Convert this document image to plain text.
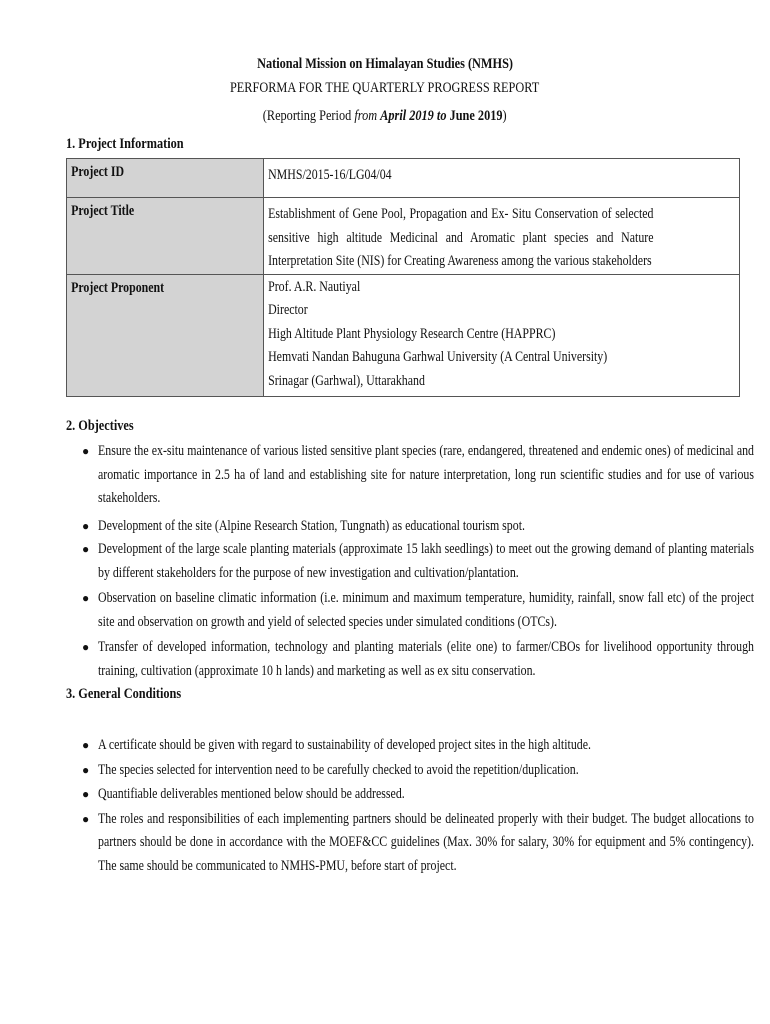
National Mission on Himalayan Studies (NMHS)
PERFORMA FOR THE QUARTERLY PROGRESS REPORT
(Reporting Period from April 2019 to June 2019)
1. Project Information
Project ID	NMHS/2015-16/LG04/04

Project Title	Establishment of Gene Pool, Propagation and Ex- Situ Conservation of selected sensitive high altitude Medicinal and Aromatic plant species and Nature Interpretation Site (NIS) for Creating Awareness among the various stakeholders

Project Proponent	Prof. A.R. Nautiyal
Director
High Altitude Plant Physiology Research Centre (HAPPRC)
Hemvati Nandan Bahuguna Garhwal University (A Central University)
Srinagar (Garhwal), Uttarakhand
2. Objectives
● Ensure the ex-situ maintenance of various listed sensitive plant species (rare, endangered, threatened and endemic ones) of medicinal and aromatic importance in 2.5 ha of land and establishing site for nature interpretation, long run scientific studies and for use of various stakeholders.
● Development of the site (Alpine Research Station, Tungnath) as educational tourism spot.
● Development of the large scale planting materials (approximate 15 lakh seedlings) to meet out the growing demand of planting materials by different stakeholders for the purpose of new investigation and cultivation/plantation.
● Observation on baseline climatic information (i.e. minimum and maximum temperature, humidity, rainfall, snow fall etc) of the project site and observation on growth and yield of selected species under simulated conditions (OTCs).
● Transfer of developed information, technology and planting materials (elite one) to farmer/CBOs for livelihood opportunity through training, cultivation (approximate 10 h lands) and marketing as well as ex situ conservation.
3. General Conditions
● A certificate should be given with regard to sustainability of developed project sites in the high altitude.
● The species selected for intervention need to be carefully checked to avoid the repetition/duplication.
● Quantifiable deliverables mentioned below should be addressed.
● The roles and responsibilities of each implementing partners should be delineated properly with their budget. The budget allocations to partners should be done in accordance with the MOEF&CC guidelines (Max. 30% for salary, 30% for equipment and 5% contingency). The same should be communicated to NMHS-PMU, before start of project.
